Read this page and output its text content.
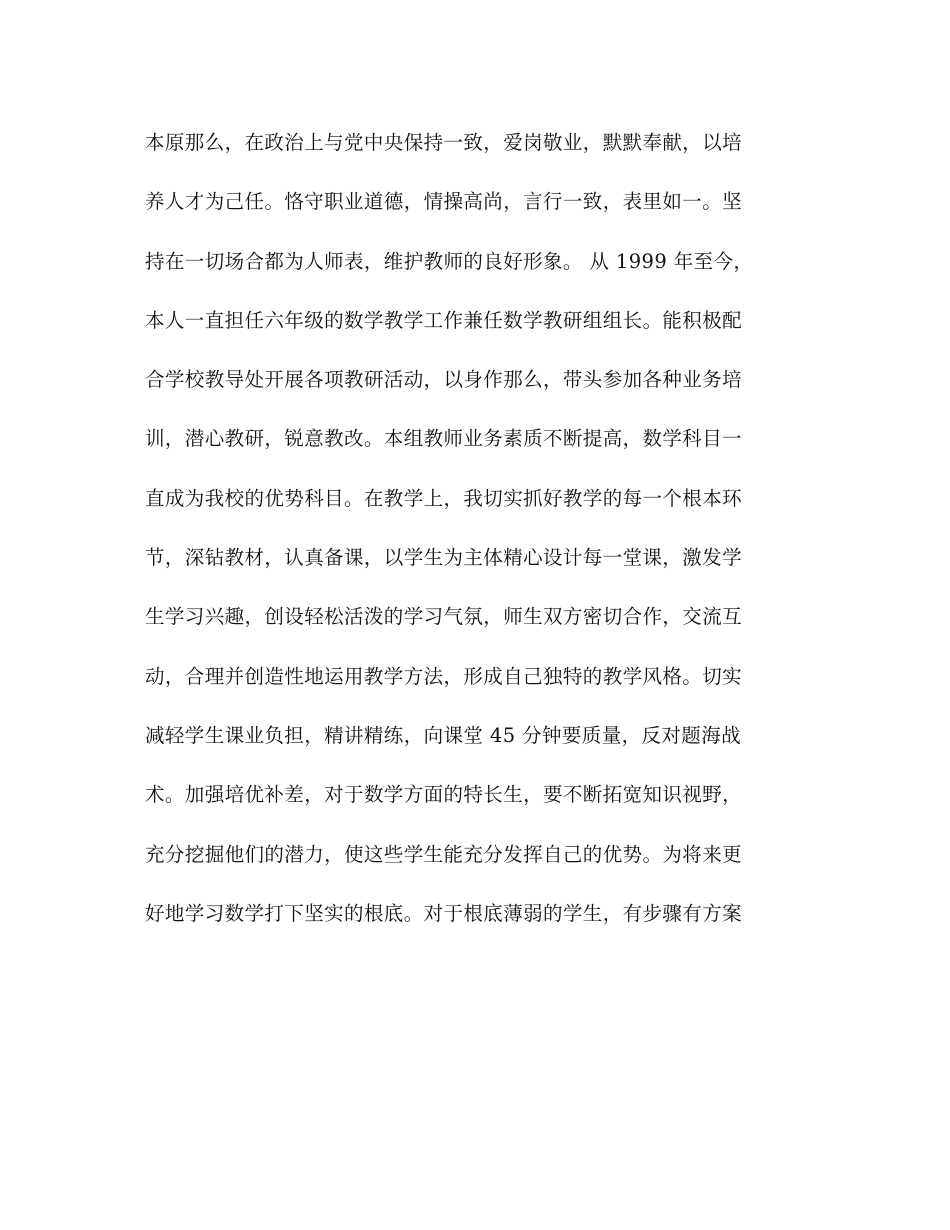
本原那么，在政治上与党中央保持一致，爱岗敬业，默默奉献，以培
养人才为己任。恪守职业道德，情操高尚，言行一致，表里如一。坚
持在一切场合都为人师表，维护教师的良好形象。 从 1999 年至今，
本人一直担任六年级的数学教学工作兼任数学教研组组长。能积极配
合学校教导处开展各项教研活动，以身作那么，带头参加各种业务培
训，潜心教研，锐意教改。本组教师业务素质不断提高，数学科目一
直成为我校的优势科目。在教学上，我切实抓好教学的每一个根本环
节，深钻教材，认真备课，以学生为主体精心设计每一堂课，激发学
生学习兴趣，创设轻松活泼的学习气氛，师生双方密切合作，交流互
动，合理并创造性地运用教学方法，形成自己独特的教学风格。切实
减轻学生课业负担，精讲精练，向课堂 45 分钟要质量，反对题海战
术。加强培优补差，对于数学方面的特长生，要不断拓宽知识视野，
充分挖掘他们的潜力，使这些学生能充分发挥自己的优势。为将来更
好地学习数学打下坚实的根底。对于根底薄弱的学生，有步骤有方案
